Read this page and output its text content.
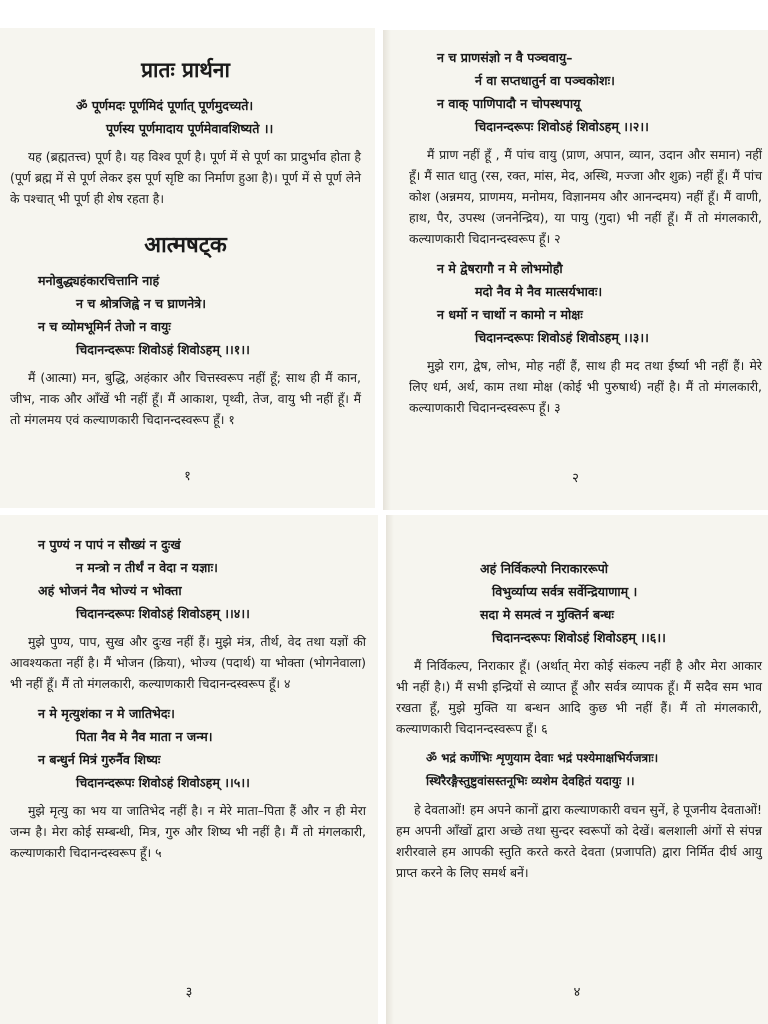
प्रातः प्रार्थना
ॐ पूर्णमदः पूर्णमिदं पूर्णात् पूर्णमुदच्यते।
पूर्णस्य पूर्णमादाय पूर्णमेवावशिष्यते ।।

यह (ब्रह्मतत्त्व) पूर्ण है। यह विश्व पूर्ण है। पूर्ण में से पूर्ण का प्रादुर्भाव होता है (पूर्ण ब्रह्म में से पूर्ण लेकर इस पूर्ण सृष्टि का निर्माण हुआ है)। पूर्ण में से पूर्ण लेने के पश्चात् भी पूर्ण ही शेष रहता है।

आत्मषट्क
मनोबुद्ध्यहंकारचित्तानि नाहं
न च श्रोत्रजिह्वे न च घ्राणनेत्रे।
न च व्योमभूमिर्न तेजो न वायुः
चिदानन्दरूपः शिवोऽहं शिवोऽहम् ।।१।।

मैं (आत्मा) मन, बुद्धि, अहंकार और चित्तस्वरूप नहीं हूँ; साथ ही मैं कान, जीभ, नाक और आँखें भी नहीं हूँ। मैं आकाश, पृथ्वी, तेज, वायु भी नहीं हूँ। मैं तो मंगलमय एवं कल्याणकारी चिदानन्दस्वरूप हूँ। १

१
न च प्राणसंज्ञो न वै पञ्चवायु–
र्न वा सप्तधातुर्न वा पञ्चकोशः।
न वाक् पाणिपादौ न चोपस्थपायू
चिदानन्दरूपः शिवोऽहं शिवोऽहम् ।।२।।

मैं प्राण नहीं हूँ , मैं पांच वायु (प्राण, अपान, व्यान, उदान और समान) नहीं हूँ। मैं सात धातु (रस, रक्त, मांस, मेद, अस्थि, मज्जा और शुक्र) नहीं हूँ। मैं पांच कोश (अन्नमय, प्राणमय, मनोमय, विज्ञानमय और आनन्दमय) नहीं हूँ। मैं वाणी, हाथ, पैर, उपस्थ (जननेन्द्रिय), या पायु (गुदा) भी नहीं हूँ। मैं तो मंगलकारी, कल्याणकारी चिदानन्दस्वरूप हूँ। २

न मे द्वेषरागौ न मे लोभमोहौ
मदो नैव मे नैव मात्सर्यभावः।
न धर्मो न चार्थो न कामो न मोक्षः
चिदानन्दरूपः शिवोऽहं शिवोऽहम् ।।३।।

मुझे राग, द्वेष, लोभ, मोह नहीं हैं, साथ ही मद तथा ईर्ष्या भी नहीं हैं। मेरे लिए धर्म, अर्थ, काम तथा मोक्ष (कोई भी पुरुषार्थ) नहीं है। मैं तो मंगलकारी, कल्याणकारी चिदानन्दस्वरूप हूँ। ३

२
न पुण्यं न पापं न सौख्यं न दुःखं
न मन्त्रो न तीर्थं न वेदा न यज्ञाः।
अहं भोजनं नैव भोज्यं न भोक्ता
चिदानन्दरूपः शिवोऽहं शिवोऽहम् ।।४।।

मुझे पुण्य, पाप, सुख और दुःख नहीं हैं। मुझे मंत्र, तीर्थ, वेद तथा यज्ञों की आवश्यकता नहीं है। मैं भोजन (क्रिया), भोज्य (पदार्थ) या भोक्ता (भोगनेवाला) भी नहीं हूँ। मैं तो मंगलकारी, कल्याणकारी चिदानन्दस्वरूप हूँ। ४

न मे मृत्युशंका न मे जातिभेदः।
पिता नैव मे नैव माता न जन्म।
न बन्धुर्न मित्रं गुरुर्नैव शिष्यः
चिदानन्दरूपः शिवोऽहं शिवोऽहम् ।।५।।

मुझे मृत्यु का भय या जातिभेद नहीं है। न मेरे माता–पिता हैं और न ही मेरा जन्म है। मेरा कोई सम्बन्धी, मित्र, गुरु और शिष्य भी नहीं है। मैं तो मंगलकारी, कल्याणकारी चिदानन्दस्वरूप हूँ। ५

३
अहं निर्विकल्पो निराकाररूपो
विभुर्व्याप्य सर्वत्र सर्वेन्द्रियाणाम् ।
सदा मे समत्वं न मुक्तिर्न बन्धः
चिदानन्दरूपः शिवोऽहं शिवोऽहम् ।।६।।

मैं निर्विकल्प, निराकार हूँ। (अर्थात् मेरा कोई संकल्प नहीं है और मेरा आकार भी नहीं है।) मैं सभी इन्द्रियों से व्याप्त हूँ और सर्वत्र व्यापक हूँ। मैं सदैव सम भाव रखता हूँ, मुझे मुक्ति या बन्धन आदि कुछ भी नहीं हैं। मैं तो मंगलकारी, कल्याणकारी चिदानन्दस्वरूप हूँ। ६

ॐ भद्रं कर्णेभिः शृणुयाम देवाः भद्रं पश्येमाक्षभिर्यजत्राः।
स्थिरैरङ्गैस्तुष्टुवांसस्तनूभिः व्यशेम देवहितं यदायुः ।।

हे देवताओं! हम अपने कानों द्वारा कल्याणकारी वचन सुनें, हे पूजनीय देवताओं! हम अपनी आँखों द्वारा अच्छे तथा सुन्दर स्वरूपों को देखें। बलशाली अंगों से संपन्न शरीरवाले हम आपकी स्तुति करते करते देवता (प्रजापति) द्वारा निर्मित दीर्घ आयु प्राप्त करने के लिए समर्थ बनें।

४
